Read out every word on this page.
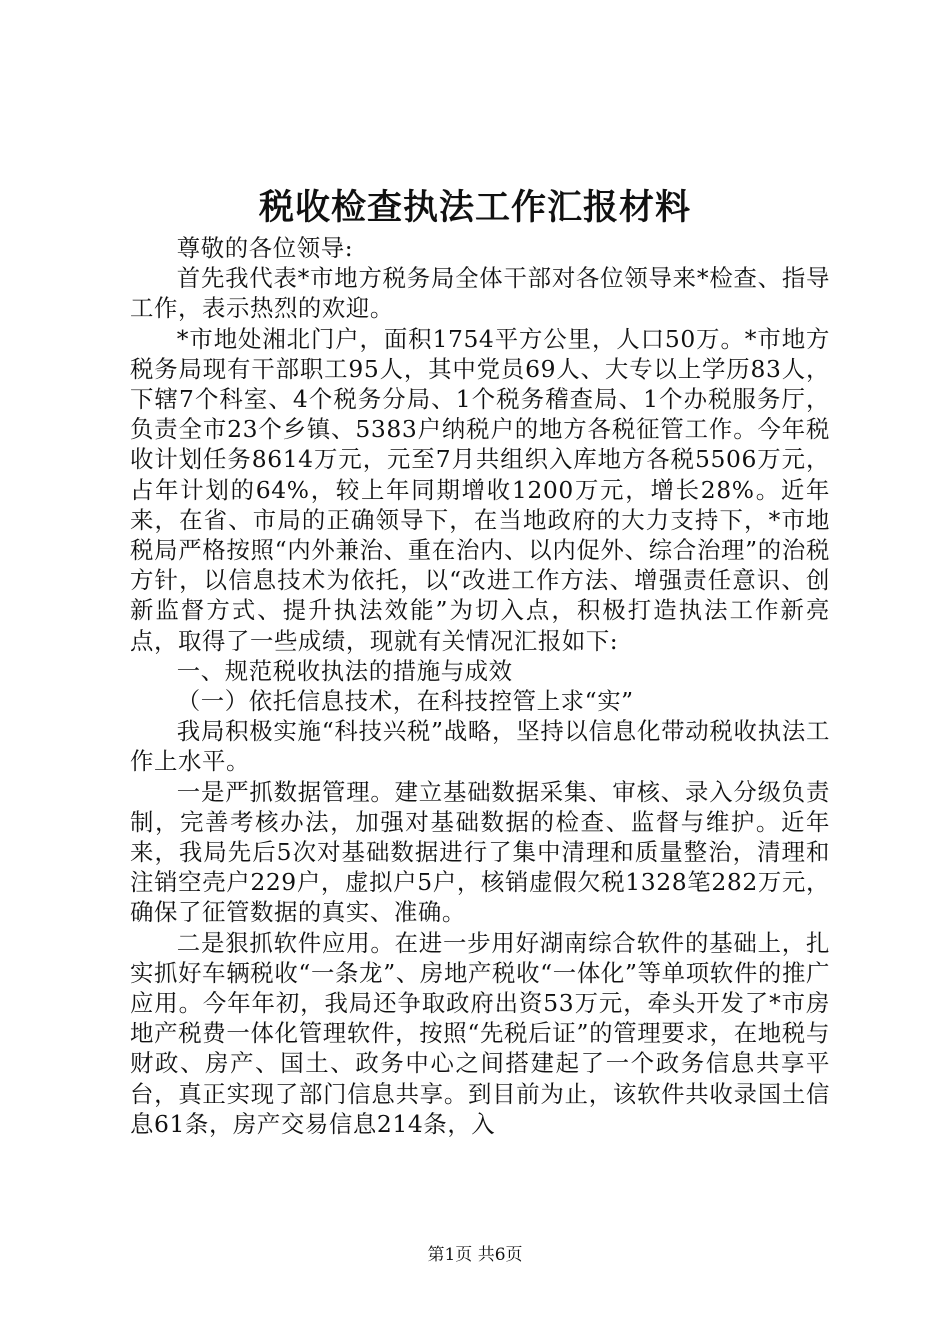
税收检查执法工作汇报材料

尊敬的各位领导:

首先我代表*市地方税务局全体干部对各位领导来*检查、指导工作，表示热烈的欢迎。

*市地处湘北门户，面积1754平方公里，人口50万。*市地方税务局现有干部职工95人，其中党员69人、大专以上学历83人，下辖7个科室、4个税务分局、1个税务稽查局、1个办税服务厅，负责全市23个乡镇、5383户纳税户的地方各税征管工作。今年税收计划任务8614万元，元至7月共组织入库地方各税5506万元，占年计划的64%，较上年同期增收1200万元，增长28%。近年来，在省、市局的正确领导下，在当地政府的大力支持下，*市地税局严格按照“内外兼治、重在治内、以内促外、综合治理”的治税方针，以信息技术为依托，以“改进工作方法、增强责任意识、创新监督方式、提升执法效能”为切入点，积极打造执法工作新亮点，取得了一些成绩，现就有关情况汇报如下:

一、规范税收执法的措施与成效

（一）依托信息技术，在科技控管上求“实”

我局积极实施“科技兴税”战略，坚持以信息化带动税收执法工作上水平。

一是严抓数据管理。建立基础数据采集、审核、录入分级负责制，完善考核办法，加强对基础数据的检查、监督与维护。近年来，我局先后5次对基础数据进行了集中清理和质量整治，清理和注销空壳户229户，虚拟户5户，核销虚假欠税1328笔282万元，确保了征管数据的真实、准确。

二是狠抓软件应用。在进一步用好湖南综合软件的基础上，扎实抓好车辆税收“一条龙”、房地产税收“一体化”等单项软件的推广应用。今年年初，我局还争取政府出资53万元，牵头开发了*市房地产税费一体化管理软件，按照“先税后证”的管理要求，在地税与财政、房产、国土、政务中心之间搭建起了一个政务信息共享平台，真正实现了部门信息共享。到目前为止，该软件共收录国土信息61条，房产交易信息214条，入

第1页 共6页
